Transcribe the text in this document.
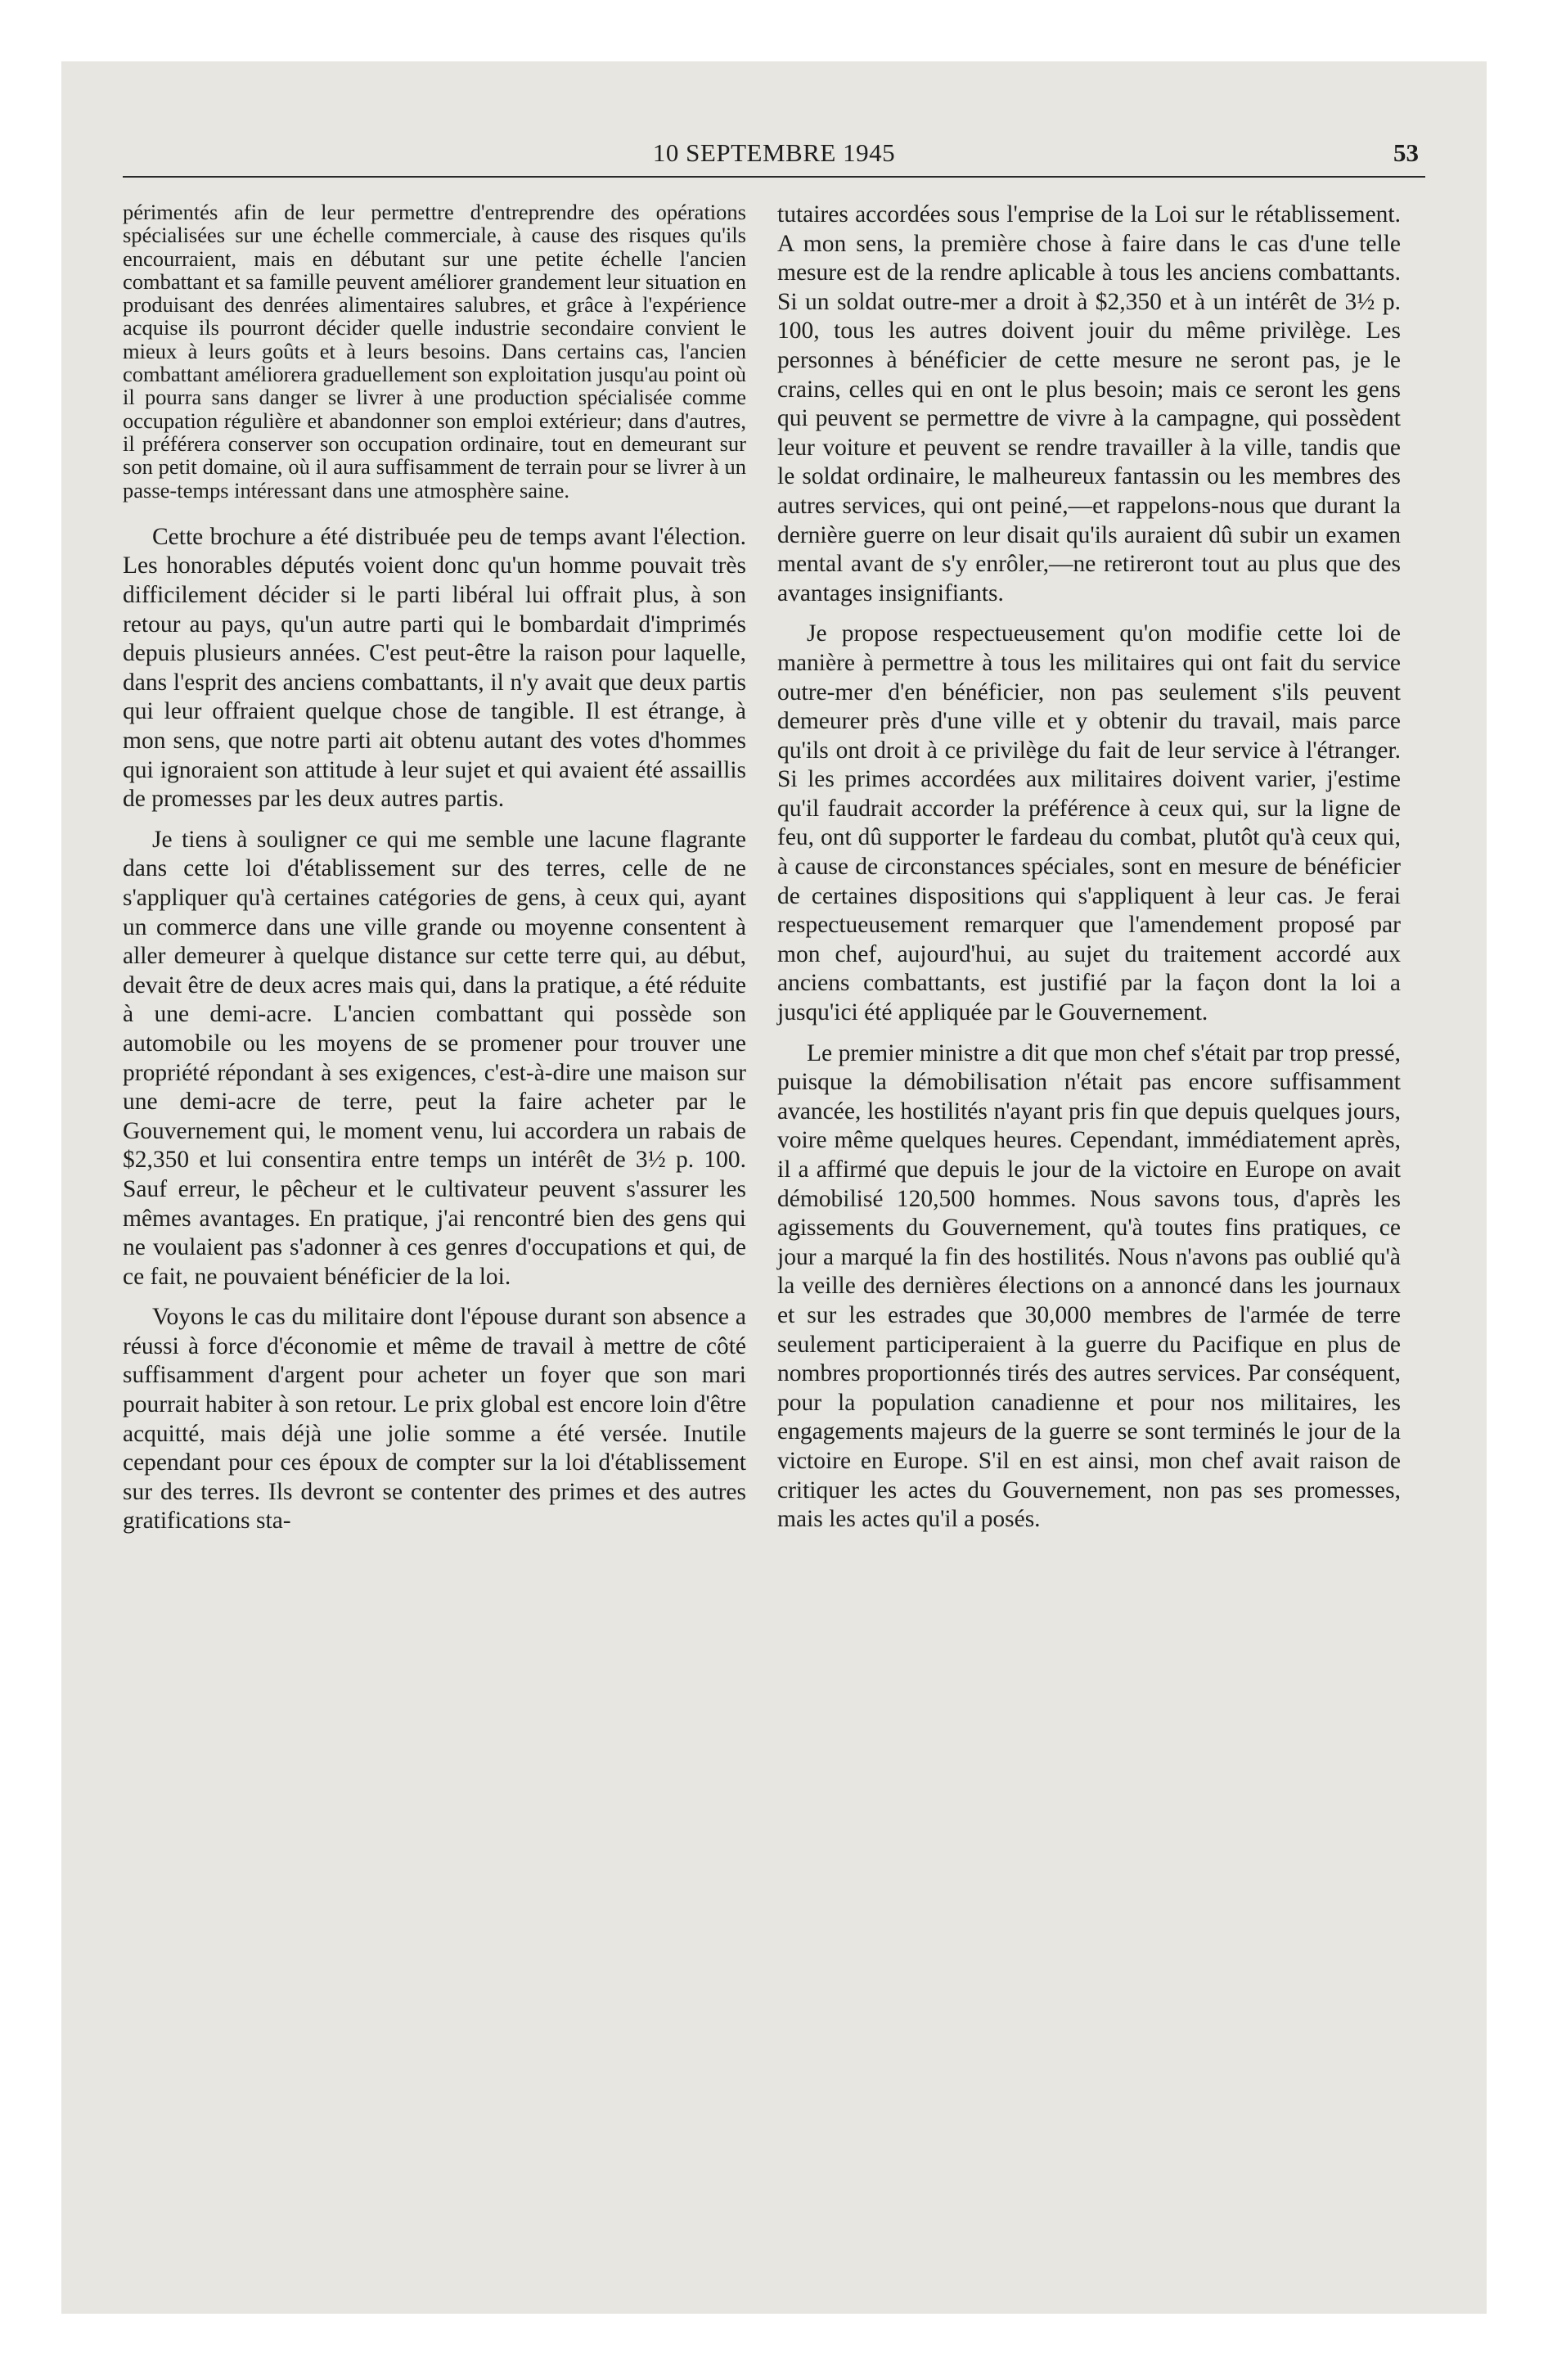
10 SEPTEMBRE 1945	53

périmentés afin de leur permettre d'entreprendre des opérations spécialisées sur une échelle commerciale, à cause des risques qu'ils encourraient, mais en débutant sur une petite échelle l'ancien combattant et sa famille peuvent améliorer grandement leur situation en produisant des denrées alimentaires salubres, et grâce à l'expérience acquise ils pourront décider quelle industrie secondaire convient le mieux à leurs goûts et à leurs besoins. Dans certains cas, l'ancien combattant améliorera graduellement son exploitation jusqu'au point où il pourra sans danger se livrer à une production spécialisée comme occupation régulière et abandonner son emploi extérieur; dans d'autres, il préférera conserver son occupation ordinaire, tout en demeurant sur son petit domaine, où il aura suffisamment de terrain pour se livrer à un passe-temps intéressant dans une atmosphère saine.

Cette brochure a été distribuée peu de temps avant l'élection. Les honorables députés voient donc qu'un homme pouvait très difficilement décider si le parti libéral lui offrait plus, à son retour au pays, qu'un autre parti qui le bombardait d'imprimés depuis plusieurs années. C'est peut-être la raison pour laquelle, dans l'esprit des anciens combattants, il n'y avait que deux partis qui leur offraient quelque chose de tangible. Il est étrange, à mon sens, que notre parti ait obtenu autant des votes d'hommes qui ignoraient son attitude à leur sujet et qui avaient été assaillis de promesses par les deux autres partis.

Je tiens à souligner ce qui me semble une lacune flagrante dans cette loi d'établissement sur des terres, celle de ne s'appliquer qu'à certaines catégories de gens, à ceux qui, ayant un commerce dans une ville grande ou moyenne consentent à aller demeurer à quelque distance sur cette terre qui, au début, devait être de deux acres mais qui, dans la pratique, a été réduite à une demi-acre. L'ancien combattant qui possède son automobile ou les moyens de se promener pour trouver une propriété répondant à ses exigences, c'est-à-dire une maison sur une demi-acre de terre, peut la faire acheter par le Gouvernement qui, le moment venu, lui accordera un rabais de $2,350 et lui consentira entre temps un intérêt de 3½ p. 100. Sauf erreur, le pêcheur et le cultivateur peuvent s'assurer les mêmes avantages. En pratique, j'ai rencontré bien des gens qui ne voulaient pas s'adonner à ces genres d'occupations et qui, de ce fait, ne pouvaient bénéficier de la loi.

Voyons le cas du militaire dont l'épouse durant son absence a réussi à force d'économie et même de travail à mettre de côté suffisamment d'argent pour acheter un foyer que son mari pourrait habiter à son retour. Le prix global est encore loin d'être acquitté, mais déjà une jolie somme a été versée. Inutile cependant pour ces époux de compter sur la loi d'établissement sur des terres. Ils devront se contenter des primes et des autres gratifications sta-

tutaires accordées sous l'emprise de la Loi sur le rétablissement. A mon sens, la première chose à faire dans le cas d'une telle mesure est de la rendre aplicable à tous les anciens combattants. Si un soldat outre-mer a droit à $2,350 et à un intérêt de 3½ p. 100, tous les autres doivent jouir du même privilège. Les personnes à bénéficier de cette mesure ne seront pas, je le crains, celles qui en ont le plus besoin; mais ce seront les gens qui peuvent se permettre de vivre à la campagne, qui possèdent leur voiture et peuvent se rendre travailler à la ville, tandis que le soldat ordinaire, le malheureux fantassin ou les membres des autres services, qui ont peiné,—et rappelons-nous que durant la dernière guerre on leur disait qu'ils auraient dû subir un examen mental avant de s'y enrôler,—ne retireront tout au plus que des avantages insignifiants.

Je propose respectueusement qu'on modifie cette loi de manière à permettre à tous les militaires qui ont fait du service outre-mer d'en bénéficier, non pas seulement s'ils peuvent demeurer près d'une ville et y obtenir du travail, mais parce qu'ils ont droit à ce privilège du fait de leur service à l'étranger. Si les primes accordées aux militaires doivent varier, j'estime qu'il faudrait accorder la préférence à ceux qui, sur la ligne de feu, ont dû supporter le fardeau du combat, plutôt qu'à ceux qui, à cause de circonstances spéciales, sont en mesure de bénéficier de certaines dispositions qui s'appliquent à leur cas. Je ferai respectueusement remarquer que l'amendement proposé par mon chef, aujourd'hui, au sujet du traitement accordé aux anciens combattants, est justifié par la façon dont la loi a jusqu'ici été appliquée par le Gouvernement.

Le premier ministre a dit que mon chef s'était par trop pressé, puisque la démobilisation n'était pas encore suffisamment avancée, les hostilités n'ayant pris fin que depuis quelques jours, voire même quelques heures. Cependant, immédiatement après, il a affirmé que depuis le jour de la victoire en Europe on avait démobilisé 120,500 hommes. Nous savons tous, d'après les agissements du Gouvernement, qu'à toutes fins pratiques, ce jour a marqué la fin des hostilités. Nous n'avons pas oublié qu'à la veille des dernières élections on a annoncé dans les journaux et sur les estrades que 30,000 membres de l'armée de terre seulement participeraient à la guerre du Pacifique en plus de nombres proportionnés tirés des autres services. Par conséquent, pour la population canadienne et pour nos militaires, les engagements majeurs de la guerre se sont terminés le jour de la victoire en Europe. S'il en est ainsi, mon chef avait raison de critiquer les actes du Gouvernement, non pas ses promesses, mais les actes qu'il a posés.
